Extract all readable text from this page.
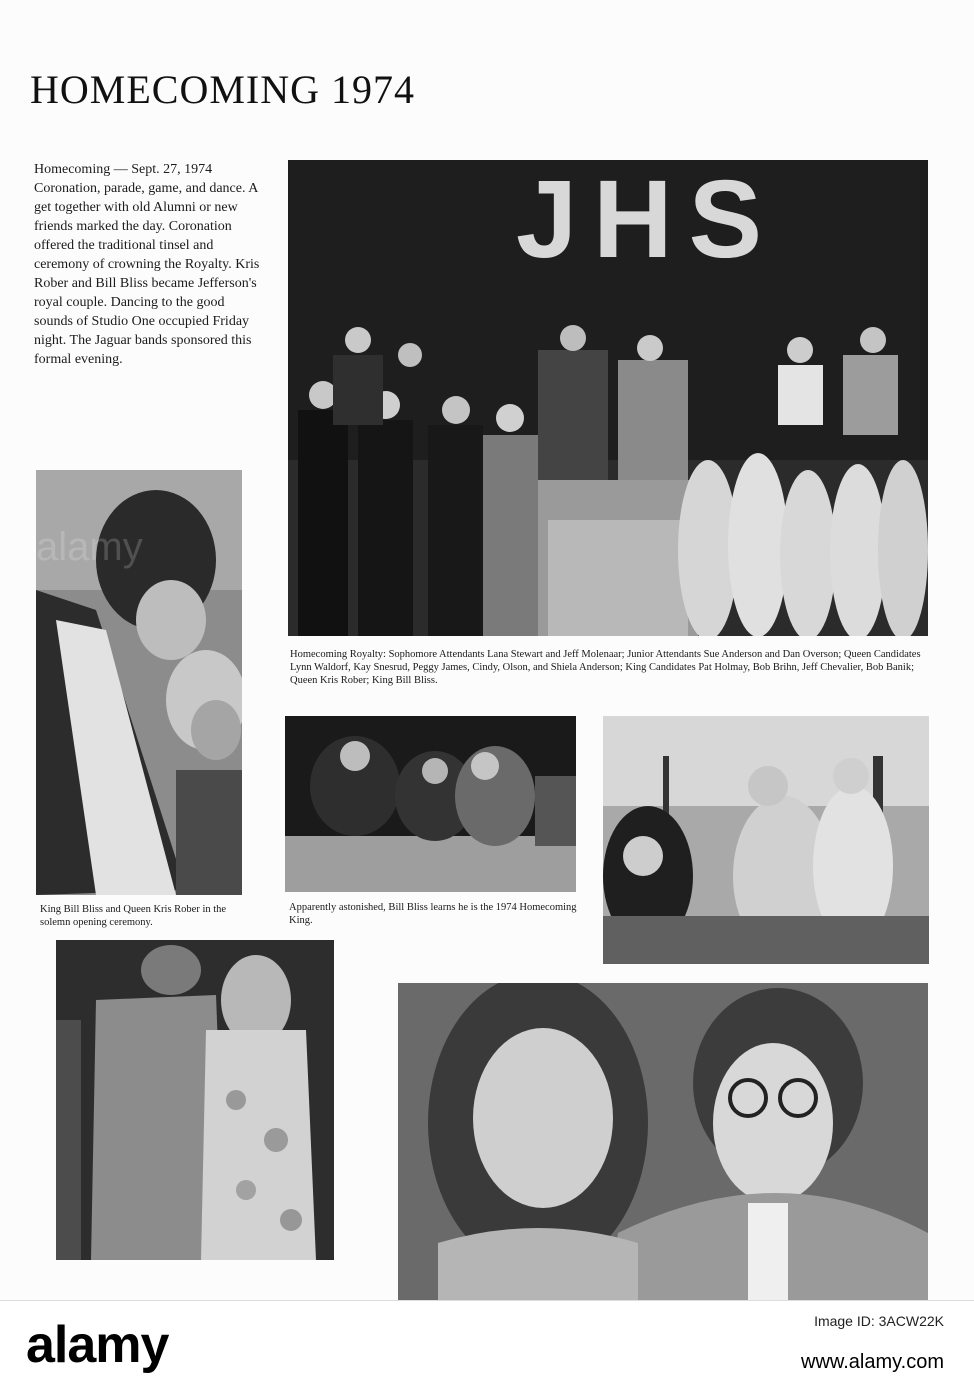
HOMECOMING 1974
Homecoming — Sept. 27, 1974 Coronation, parade, game, and dance. A get together with old Alumni or new friends marked the day. Coronation offered the traditional tinsel and ceremony of crowning the Royalty. Kris Rober and Bill Bliss became Jefferson's royal couple. Dancing to the good sounds of Studio One occupied Friday night. The Jaguar bands sponsored this formal evening.
JHS
Homecoming Royalty: Sophomore Attendants Lana Stewart and Jeff Molenaar; Junior Attendants Sue Anderson and Dan Overson; Queen Candidates Lynn Waldorf, Kay Snesrud, Peggy James, Cindy, Olson, and Shiela Anderson; King Candidates Pat Holmay, Bob Brihn, Jeff Chevalier, Bob Banik; Queen Kris Rober; King Bill Bliss.
King Bill Bliss and Queen Kris Rober in the solemn opening ceremony.
Apparently astonished, Bill Bliss learns he is the 1974 Homecoming King.
alamy	Image ID: 3ACW22K
www.alamy.com
